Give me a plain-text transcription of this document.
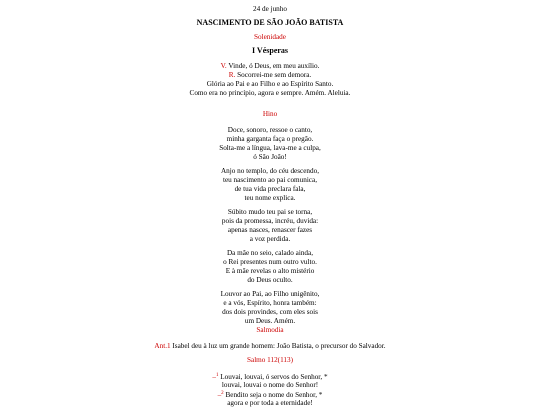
24 de junho
NASCIMENTO DE SÃO JOÃO BATISTA
Solenidade
I Vésperas
V. Vinde, ó Deus, em meu auxílio.
R. Socorrei-me sem demora.
Glória ao Pai e ao Filho e ao Espírito Santo.
Como era no princípio, agora e sempre. Amém. Aleluia.
Hino
Doce, sonoro, ressoe o canto,
minha garganta faça o pregão.
Solta-me a língua, lava-me a culpa,
ó São João!
Anjo no templo, do céu descendo,
teu nascimento ao pai comunica,
de tua vida preclara fala,
teu nome explica.
Súbito mudo teu pai se torna,
pois da promessa, incréu, duvida:
apenas nasces, renascer fazes
a voz perdida.
Da mãe no seio, calado ainda,
o Rei presentes num outro vulto.
E à mãe revelas o alto mistério
do Deus oculto.
Louvor ao Pai, ao Filho unigênito,
e a vós, Espírito, honra também:
dos dois provindes, com eles sois
um Deus. Amém.
Salmodia
Ant.1 Isabel deu à luz um grande homem: João Batista, o precursor do Salvador.
Salmo 112(113)
–$^1$ Louvai, louvai, ó servos do Senhor, *
louvai, louvai o nome do Senhor!
–$^2$ Bendito seja o nome do Senhor, *
agora e por toda a eternidade!
